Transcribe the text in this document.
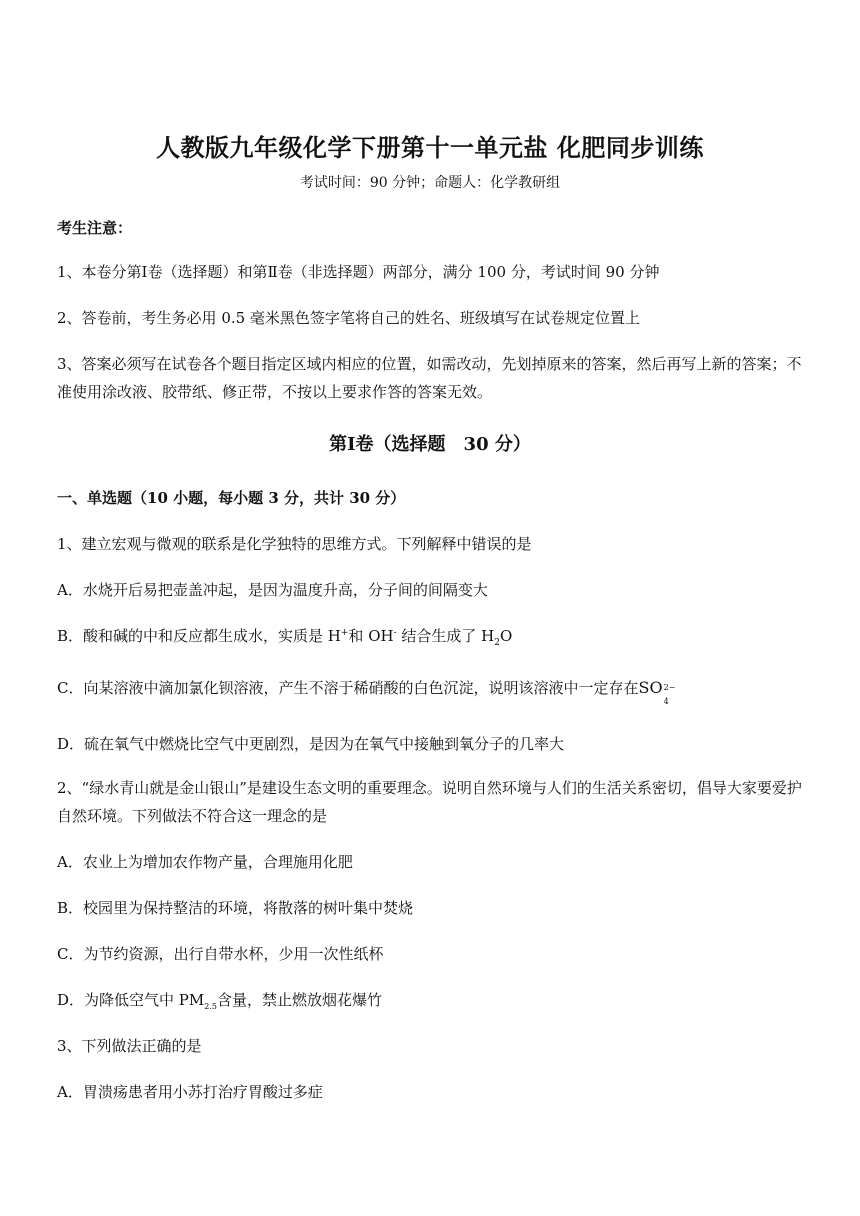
人教版九年级化学下册第十一单元盐 化肥同步训练
考试时间：90 分钟；命题人：化学教研组
考生注意：
1、本卷分第Ⅰ卷（选择题）和第Ⅱ卷（非选择题）两部分，满分 100 分，考试时间 90 分钟
2、答卷前，考生务必用 0.5 毫米黑色签字笔将自己的姓名、班级填写在试卷规定位置上
3、答案必须写在试卷各个题目指定区域内相应的位置，如需改动，先划掉原来的答案，然后再写上新的答案；不准使用涂改液、胶带纸、修正带，不按以上要求作答的答案无效。
第Ⅰ卷（选择题　30 分）
一、单选题（10 小题，每小题 3 分，共计 30 分）
1、建立宏观与微观的联系是化学独特的思维方式。下列解释中错误的是
A．水烧开后易把壶盖冲起，是因为温度升高，分子间的间隔变大
B．酸和碱的中和反应都生成水，实质是 H+和 OH- 结合生成了 $H_2O$
C．向某溶液中滴加氯化钡溶液，产生不溶于稀硝酸的白色沉淀，说明该溶液中一定存在SO 2−
4
D．硫在氧气中燃烧比空气中更剧烈，是因为在氧气中接触到氧分子的几率大
2、“绿水青山就是金山银山”是建设生态文明的重要理念。说明自然环境与人们的生活关系密切，倡导大家要爱护自然环境。下列做法不符合这一理念的是
A．农业上为增加农作物产量，合理施用化肥
B．校园里为保持整洁的环境，将散落的树叶集中焚烧
C．为节约资源，出行自带水杯，少用一次性纸杯
D．为降低空气中 $PM_{2.5}$含量，禁止燃放烟花爆竹
3、下列做法正确的是
A．胃溃疡患者用小苏打治疗胃酸过多症
